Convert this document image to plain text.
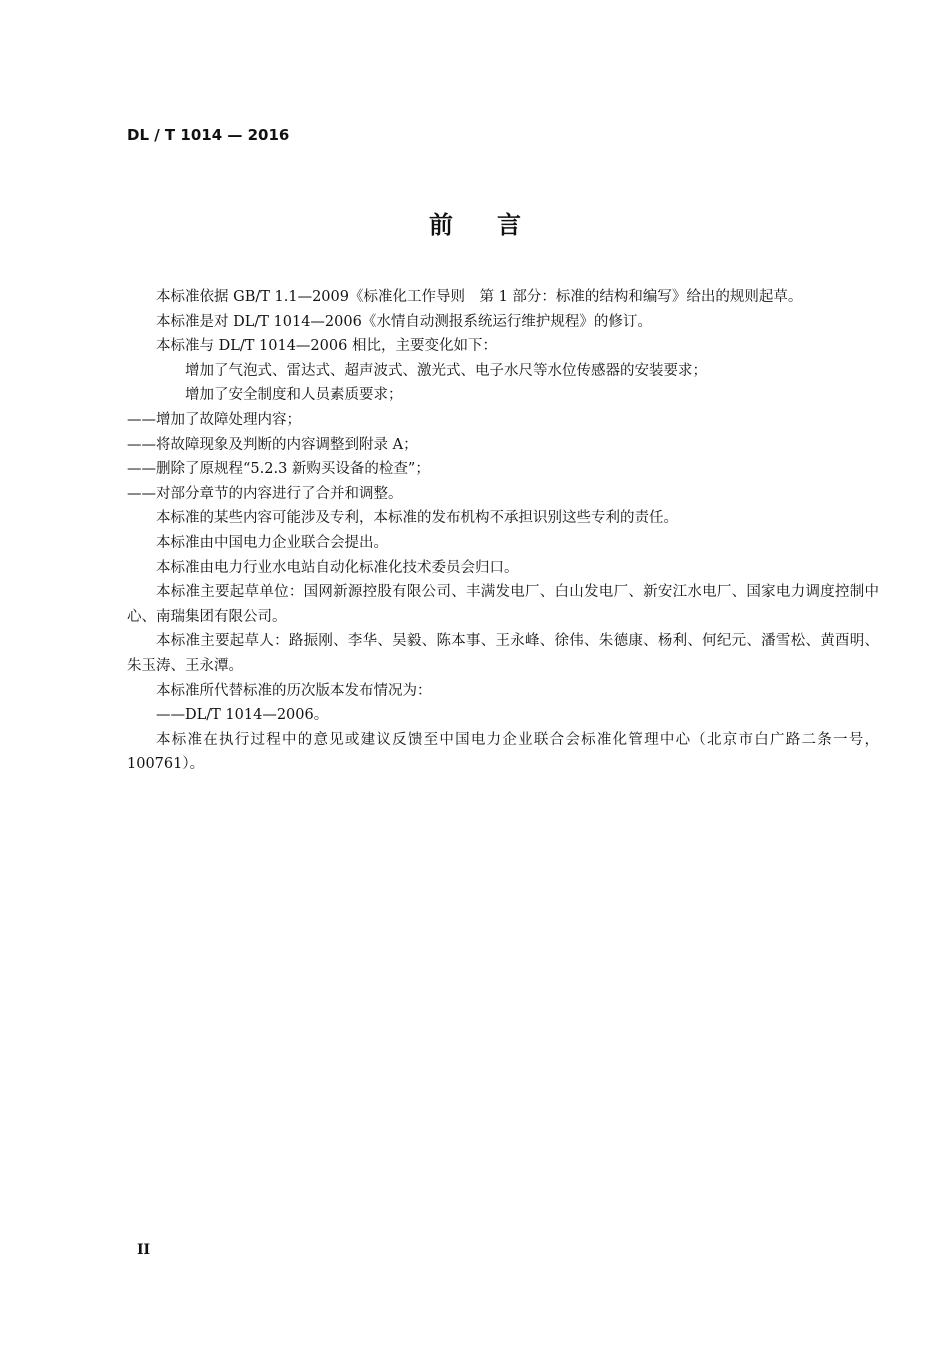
DL / T 1014 — 2016
前言

本标准依据 GB/T 1.1—2009《标准化工作导则　第 1 部分：标准的结构和编写》给出的规则起草。

本标准是对 DL/T 1014—2006《水情自动测报系统运行维护规程》的修订。

本标准与 DL/T 1014—2006 相比，主要变化如下：

增加了气泡式、雷达式、超声波式、激光式、电子水尺等水位传感器的安装要求；

增加了安全制度和人员素质要求；

——增加了故障处理内容；

——将故障现象及判断的内容调整到附录 A；

——删除了原规程“5.2.3 新购买设备的检查”；

——对部分章节的内容进行了合并和调整。

本标准的某些内容可能涉及专利，本标准的发布机构不承担识别这些专利的责任。

本标准由中国电力企业联合会提出。

本标准由电力行业水电站自动化标准化技术委员会归口。

本标准主要起草单位：国网新源控股有限公司、丰满发电厂、白山发电厂、新安江水电厂、国家电力调度控制中心、南瑞集团有限公司。

本标准主要起草人：路振刚、李华、吴毅、陈本事、王永峰、徐伟、朱德康、杨利、何纪元、潘雪松、黄酉明、朱玉涛、王永潭。

本标准所代替标准的历次版本发布情况为：

——DL/T 1014—2006。

本标准在执行过程中的意见或建议反馈至中国电力企业联合会标准化管理中心（北京市白广路二条一号，100761）。

II
